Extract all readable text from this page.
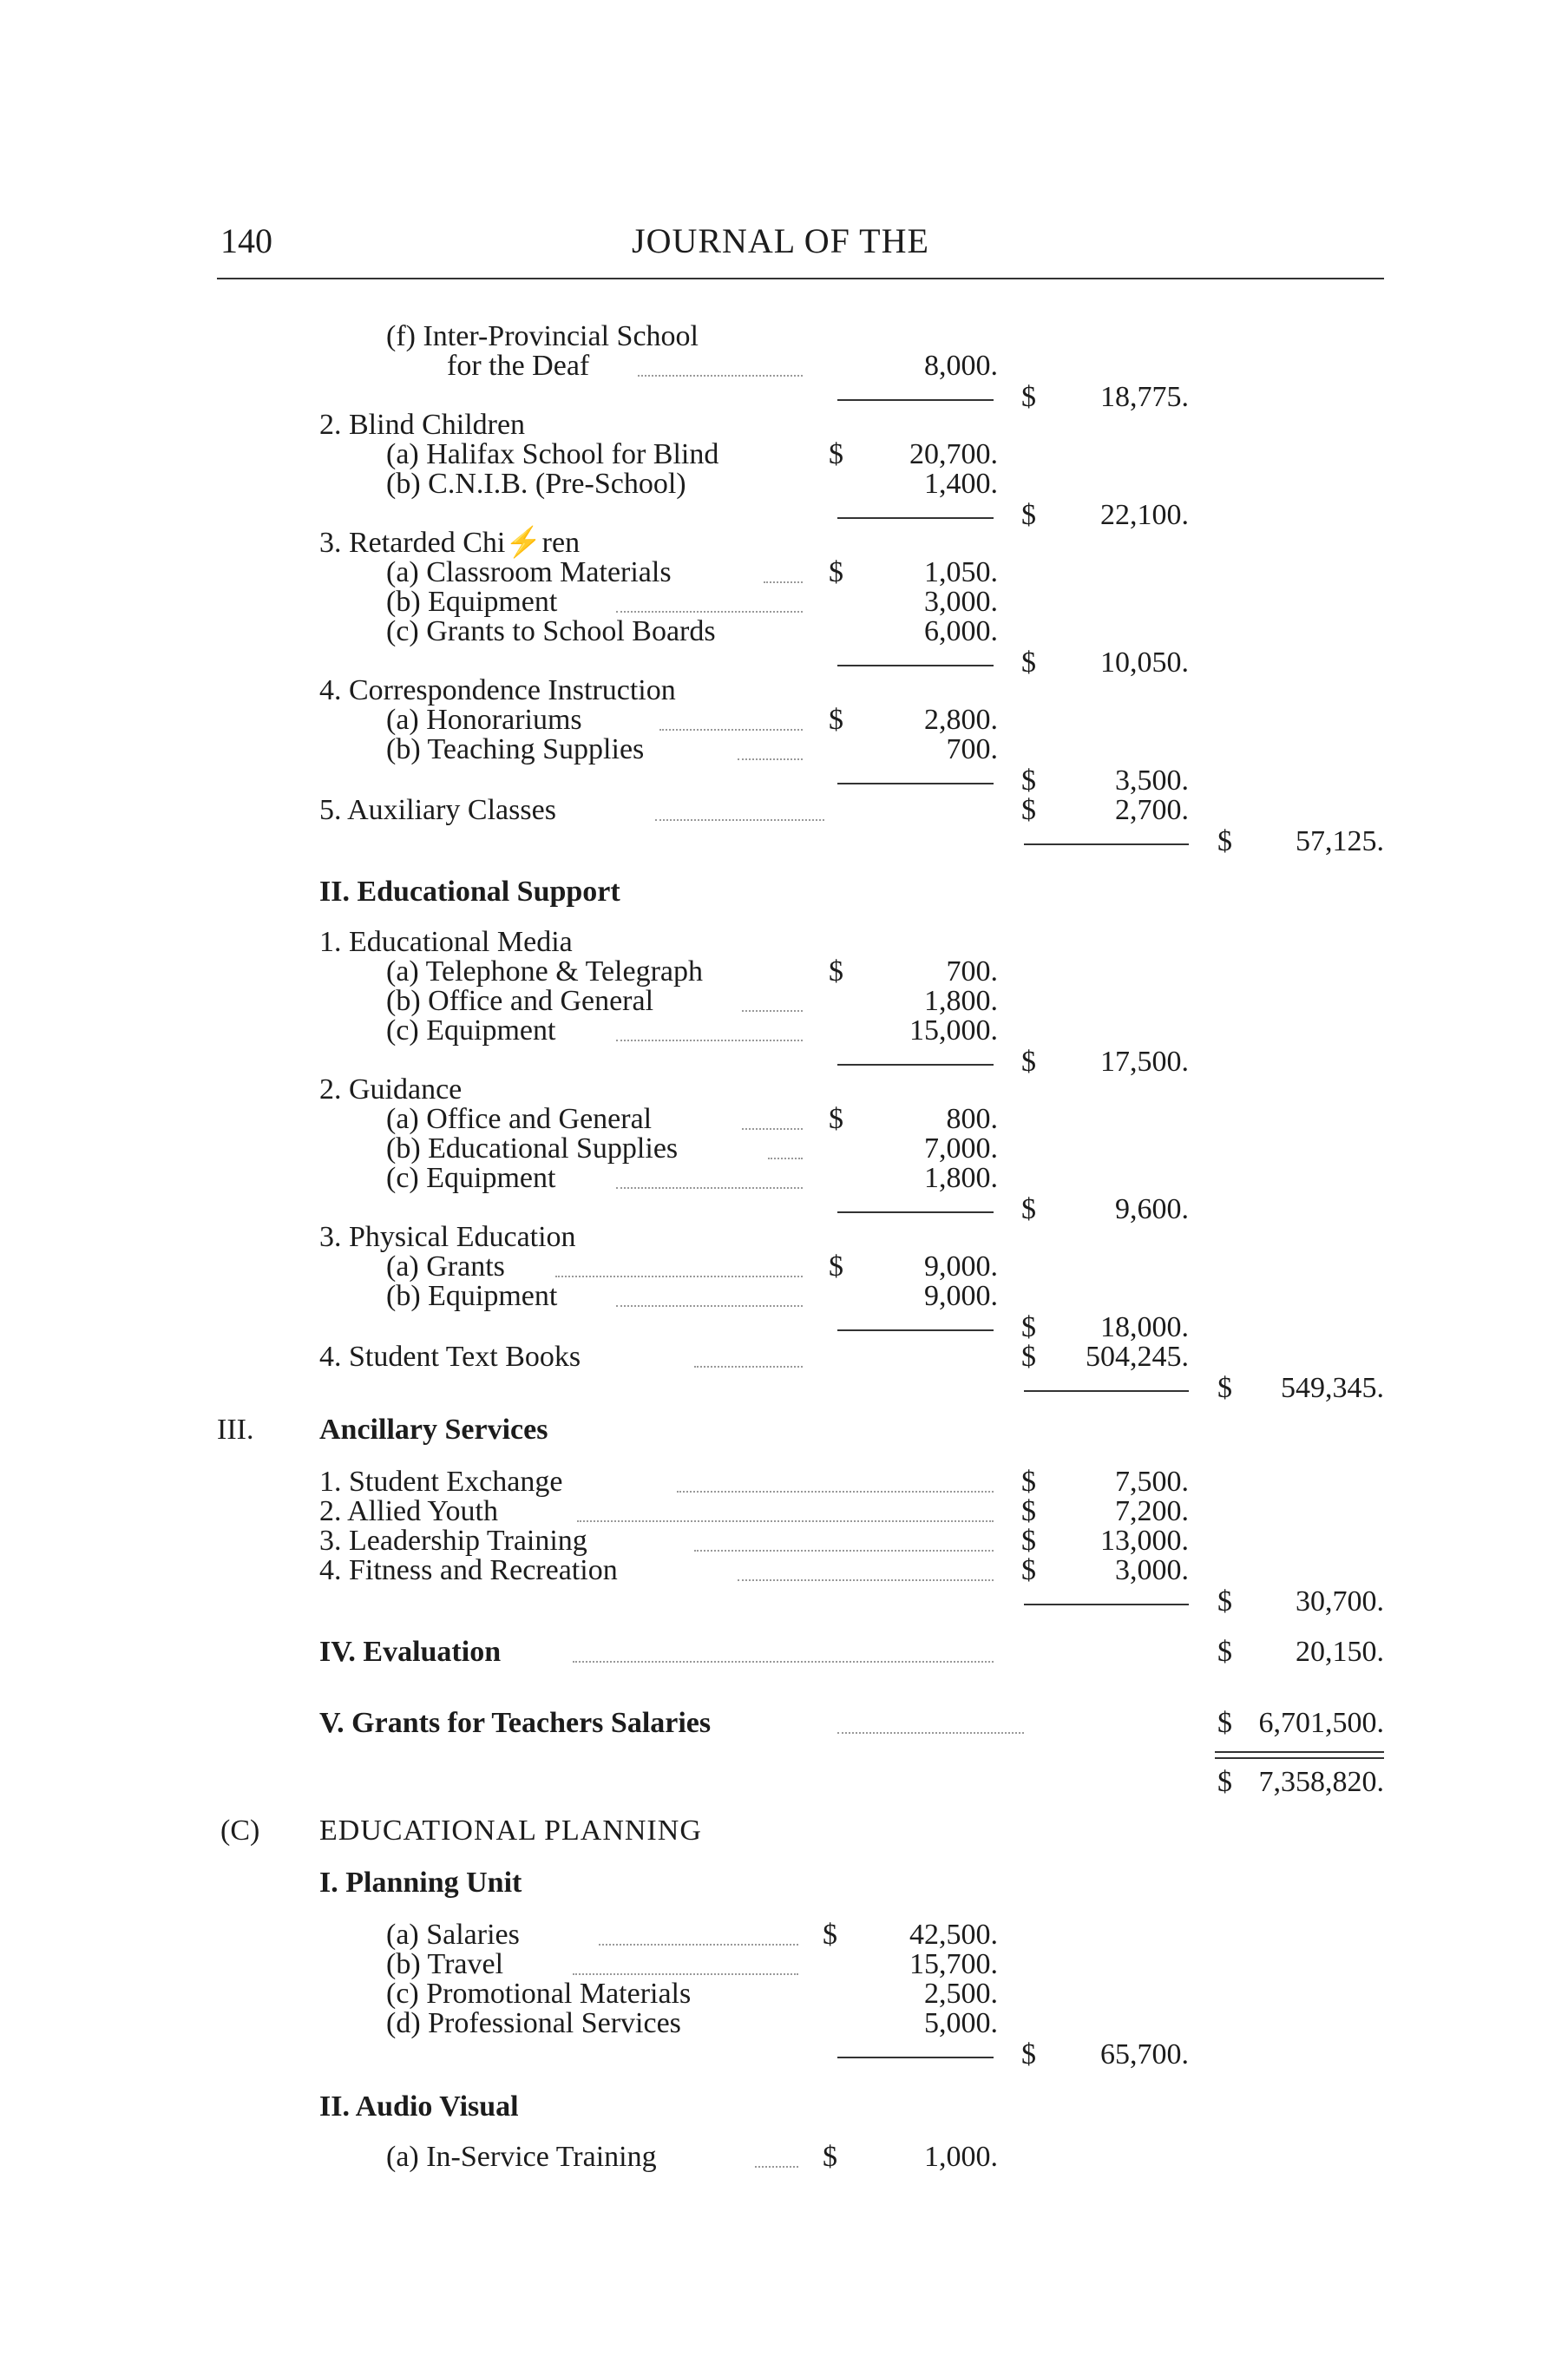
140	JOURNAL OF THE
(f) Inter-Provincial School
for the Deaf	8,000.
$	18,775.
2. Blind Children
(a) Halifax School for Blind	$	20,700.
(b) C.N.I.B. (Pre-School)	1,400.
$	22,100.
3. Retarded Chi⚡ren
(a) Classroom Materials	$	1,050.
(b) Equipment	3,000.
(c) Grants to School Boards	6,000.
$	10,050.
4. Correspondence Instruction
(a) Honorariums	$	2,800.
(b) Teaching Supplies	700.
$	3,500.
5. Auxiliary Classes	$	2,700.
$	57,125.
II. Educational Support
1. Educational Media
(a) Telephone & Telegraph	$	700.
(b) Office and General	1,800.
(c) Equipment	15,000.
$	17,500.
2. Guidance
(a) Office and General	$	800.
(b) Educational Supplies	7,000.
(c) Equipment	1,800.
$	9,600.
3. Physical Education
(a) Grants	$	9,000.
(b) Equipment	9,000.
$	18,000.
4. Student Text Books	$	504,245.
$	549,345.
III. Ancillary Services
1. Student Exchange	$	7,500.
2. Allied Youth	$	7,200.
3. Leadership Training	$	13,000.
4. Fitness and Recreation	$	3,000.
$	30,700.
IV. Evaluation	$	20,150.
V. Grants for Teachers Salaries	$ 6,701,500.
$ 7,358,820.
(C) EDUCATIONAL PLANNING
I. Planning Unit
(a) Salaries	$	42,500.
(b) Travel	15,700.
(c) Promotional Materials	2,500.
(d) Professional Services	5,000.
$	65,700.
II. Audio Visual
(a) In-Service Training	$	1,000.
